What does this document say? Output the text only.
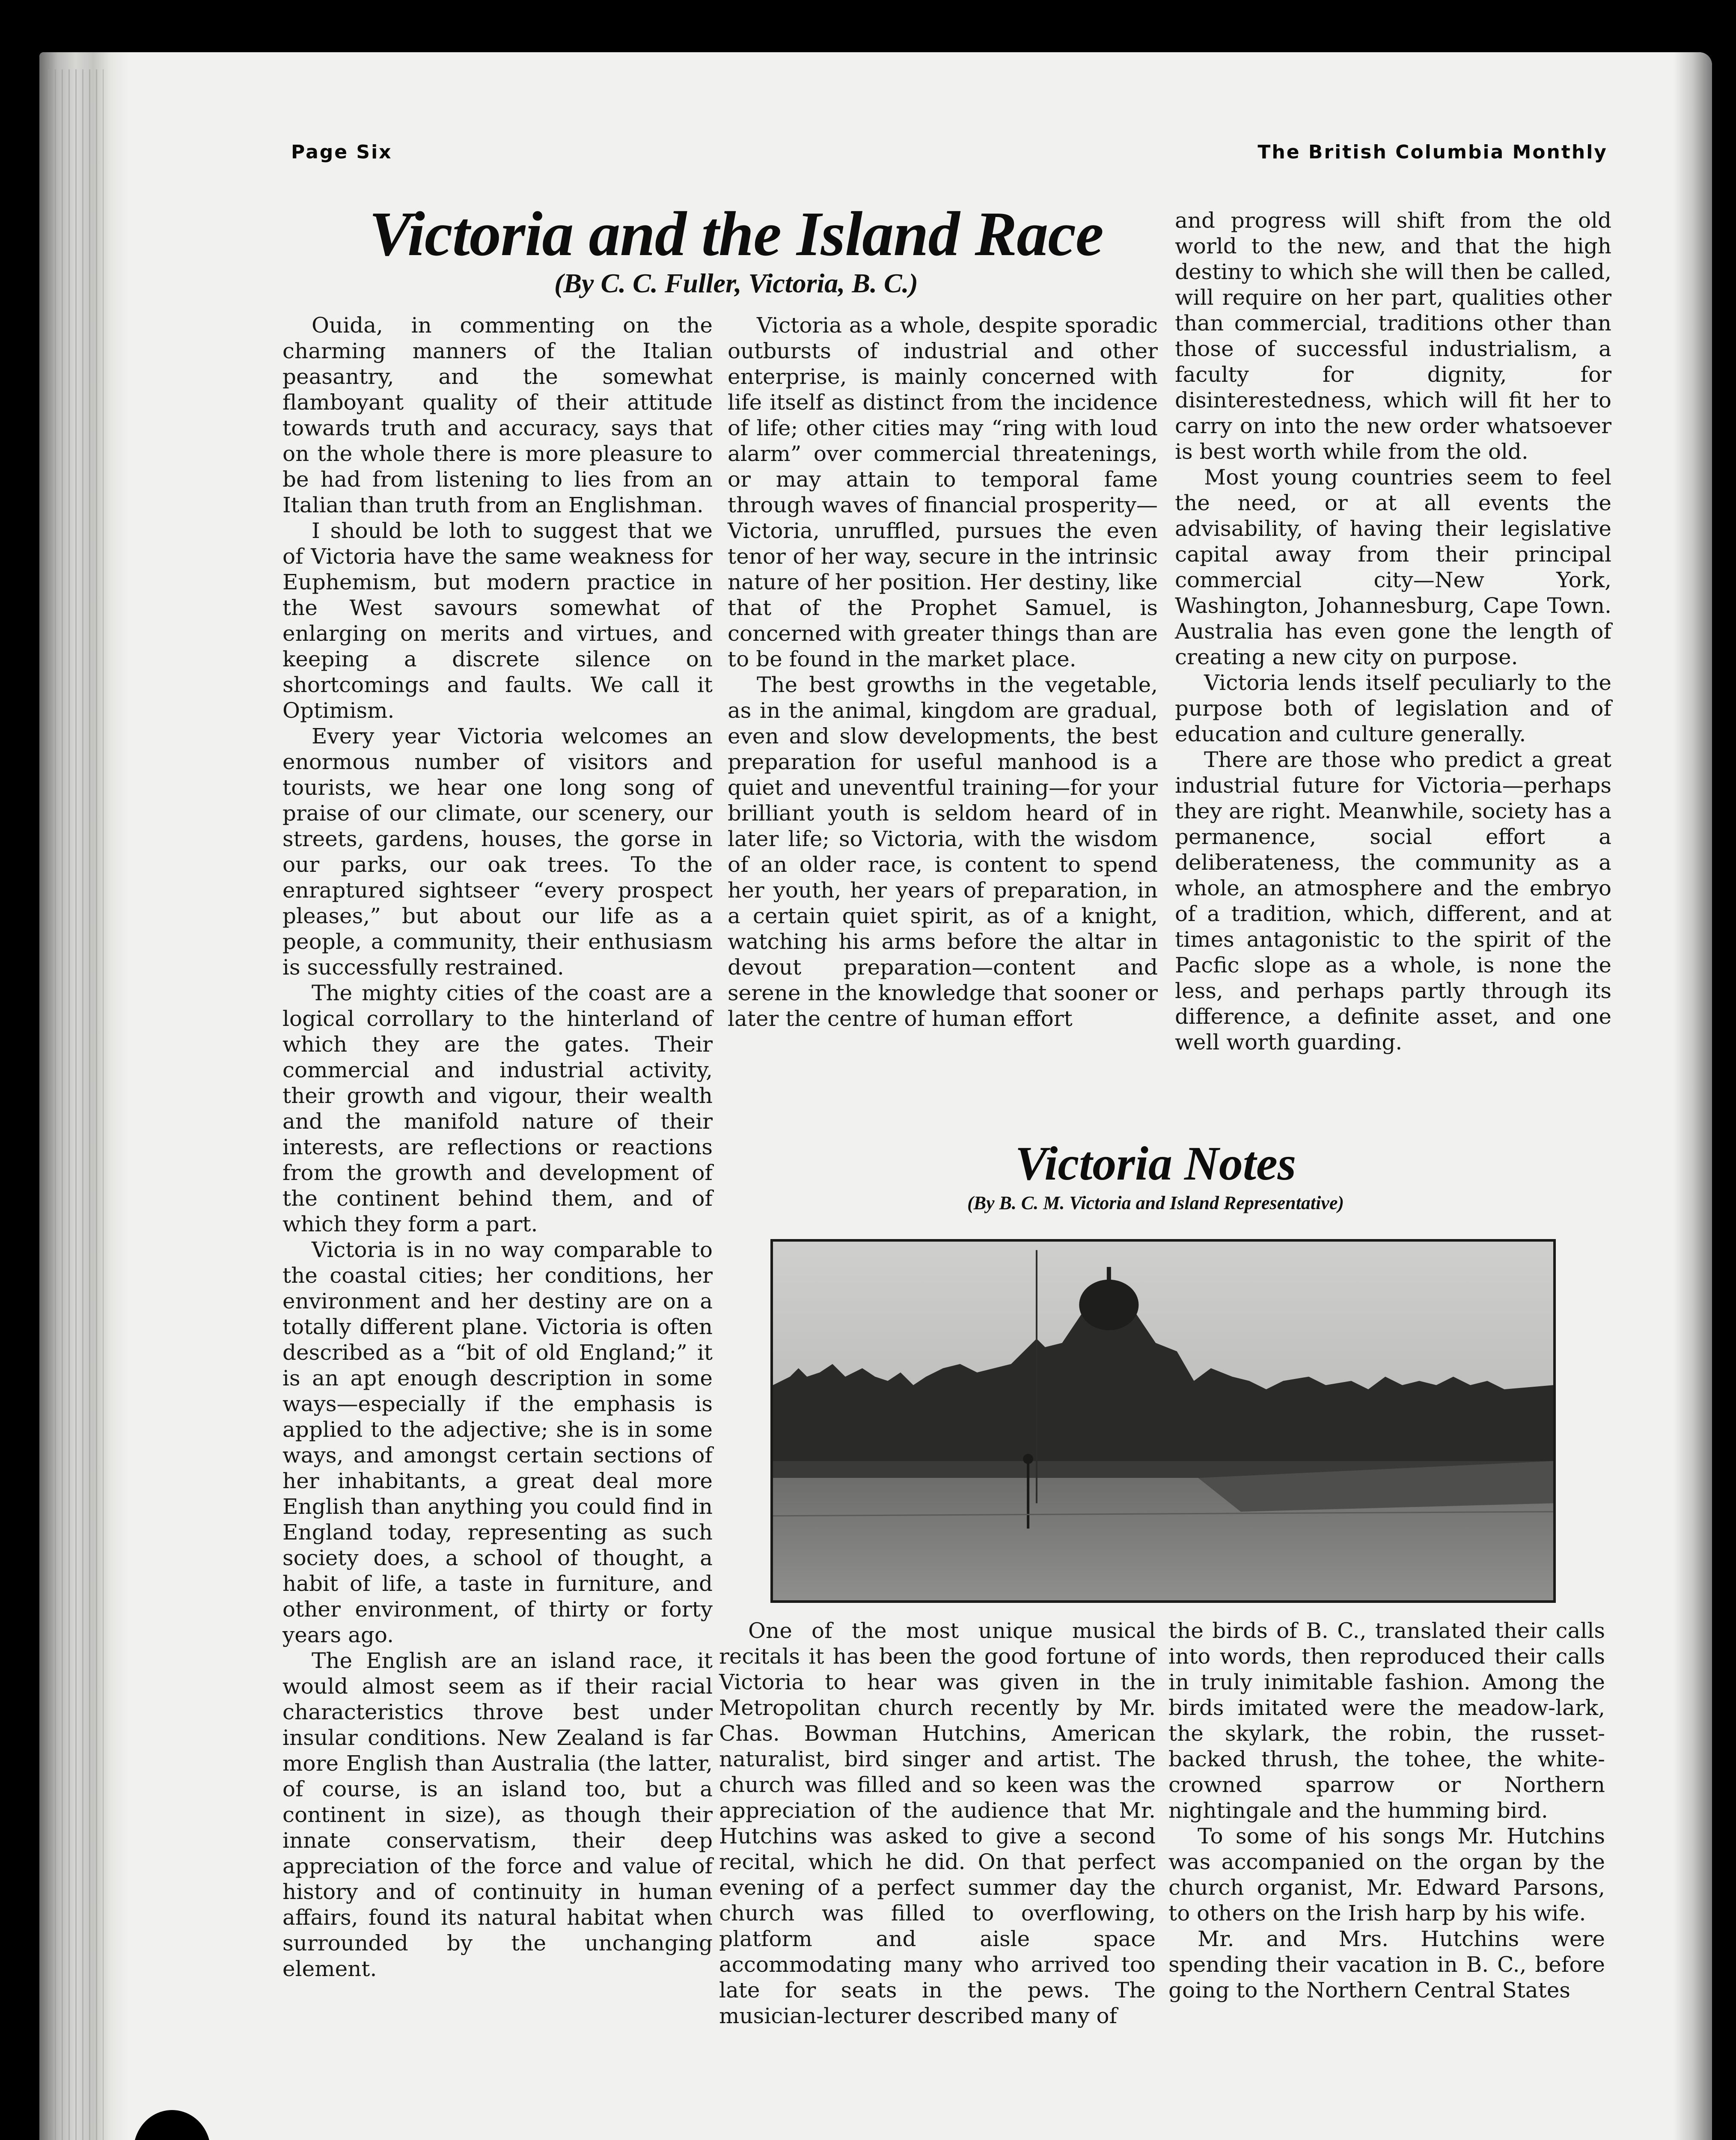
Page Six	The British Columbia Monthly
Victoria and the Island Race
(By C. C. Fuller, Victoria, B. C.)

Ouida, in commenting on the charming manners of the Italian peasantry, and the somewhat flamboyant quality of their attitude towards truth and accuracy, says that on the whole there is more pleasure to be had from listening to lies from an Italian than truth from an Englishman.

I should be loth to suggest that we of Victoria have the same weakness for Euphemism, but modern practice in the West savours somewhat of enlarging on merits and virtues, and keeping a discrete silence on shortcomings and faults. We call it Optimism.

Every year Victoria welcomes an enormous number of visitors and tourists, we hear one long song of praise of our climate, our scenery, our streets, gardens, houses, the gorse in our parks, our oak trees. To the enraptured sightseer “every prospect pleases,” but about our life as a people, a community, their enthusiasm is successfully restrained.

The mighty cities of the coast are a logical corrollary to the hinterland of which they are the gates. Their commercial and industrial activity, their growth and vigour, their wealth and the manifold nature of their interests, are reflections or reactions from the growth and development of the continent behind them, and of which they form a part.

Victoria is in no way comparable to the coastal cities; her conditions, her environment and her destiny are on a totally different plane. Victoria is often described as a “bit of old England;” it is an apt enough description in some ways—especially if the emphasis is applied to the adjective; she is in some ways, and amongst certain sections of her inhabitants, a great deal more English than anything you could find in England today, representing as such society does, a school of thought, a habit of life, a taste in furniture, and other environment, of thirty or forty years ago.

The English are an island race, it would almost seem as if their racial characteristics throve best under insular conditions. New Zealand is far more English than Australia (the latter, of course, is an island too, but a continent in size), as though their innate conservatism, their deep appreciation of the force and value of history and of continuity in human affairs, found its natural habitat when surrounded by the unchanging element.

Victoria as a whole, despite sporadic outbursts of industrial and other enterprise, is mainly concerned with life itself as distinct from the incidence of life; other cities may “ring with loud alarm” over commercial threatenings, or may attain to temporal fame through waves of financial prosperity—Victoria, unruffled, pursues the even tenor of her way, secure in the intrinsic nature of her position. Her destiny, like that of the Prophet Samuel, is concerned with greater things than are to be found in the market place.

The best growths in the vegetable, as in the animal, kingdom are gradual, even and slow developments, the best preparation for useful manhood is a quiet and uneventful training—for your brilliant youth is seldom heard of in later life; so Victoria, with the wisdom of an older race, is content to spend her youth, her years of preparation, in a certain quiet spirit, as of a knight, watching his arms before the altar in devout preparation—content and serene in the knowledge that sooner or later the centre of human effort

and progress will shift from the old world to the new, and that the high destiny to which she will then be called, will require on her part, qualities other than commercial, traditions other than those of successful industrialism, a faculty for dignity, for disinterestedness, which will fit her to carry on into the new order whatsoever is best worth while from the old.

Most young countries seem to feel the need, or at all events the advisability, of having their legislative capital away from their principal commercial city—New York, Washington, Johannesburg, Cape Town. Australia has even gone the length of creating a new city on purpose.

Victoria lends itself peculiarly to the purpose both of legislation and of education and culture generally.

There are those who predict a great industrial future for Victoria—perhaps they are right. Meanwhile, society has a permanence, social effort a deliberateness, the community as a whole, an atmosphere and the embryo of a tradition, which, different, and at times antagonistic to the spirit of the Pacfic slope as a whole, is none the less, and perhaps partly through its difference, a definite asset, and one well worth guarding.

Victoria Notes
(By B. C. M. Victoria and Island Representative)

One of the most unique musical recitals it has been the good fortune of Victoria to hear was given in the Metropolitan church recently by Mr. Chas. Bowman Hutchins, American naturalist, bird singer and artist. The church was filled and so keen was the appreciation of the audience that Mr. Hutchins was asked to give a second recital, which he did. On that perfect evening of a perfect summer day the church was filled to overflowing, platform and aisle space accommodating many who arrived too late for seats in the pews. The musician-lecturer described many of

the birds of B. C., translated their calls into words, then reproduced their calls in truly inimitable fashion. Among the birds imitated were the meadow-lark, the skylark, the robin, the russet-backed thrush, the tohee, the white-crowned sparrow or Northern nightingale and the humming bird.

To some of his songs Mr. Hutchins was accompanied on the organ by the church organist, Mr. Edward Parsons, to others on the Irish harp by his wife.

Mr. and Mrs. Hutchins were spending their vacation in B. C., before going to the Northern Central States
